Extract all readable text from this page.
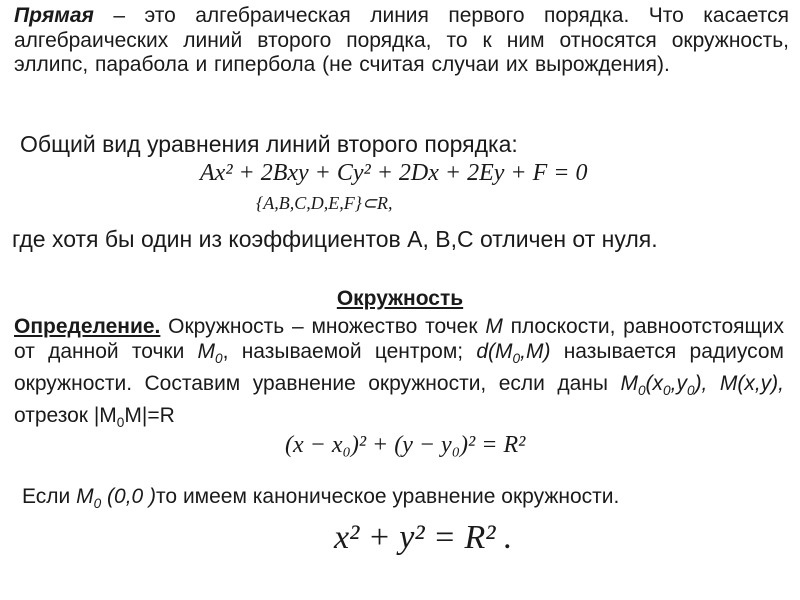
Прямая – это алгебраическая линия первого порядка. Что касается алгебраических линий второго порядка, то к ним относятся окружность, эллипс, парабола и гипербола (не считая случаи их вырождения).
Общий вид уравнения линий второго порядка:
Ax² + 2Bxy + Cy² + 2Dx + 2Ey + F = 0
{A,B,C,D,E,F}⊂R,
где хотя бы один из коэффициентов A, B,C отличен от нуля.
Окружность
Определение. Окружность – множество точек M плоскости, равноотстоящих от данной точки $M_0$, называемой центром; $d(M_0,M)$ называется радиусом окружности. Составим уравнение окружности, если даны $M_0(x_0,y_0)$, M(x,y), отрезок $|M_0M|=R$
(x − x₀)² + (y − y₀)² = R²
Если $M_0$ (0,0 )то имеем каноническое уравнение окружности.
x² + y² = R² .
